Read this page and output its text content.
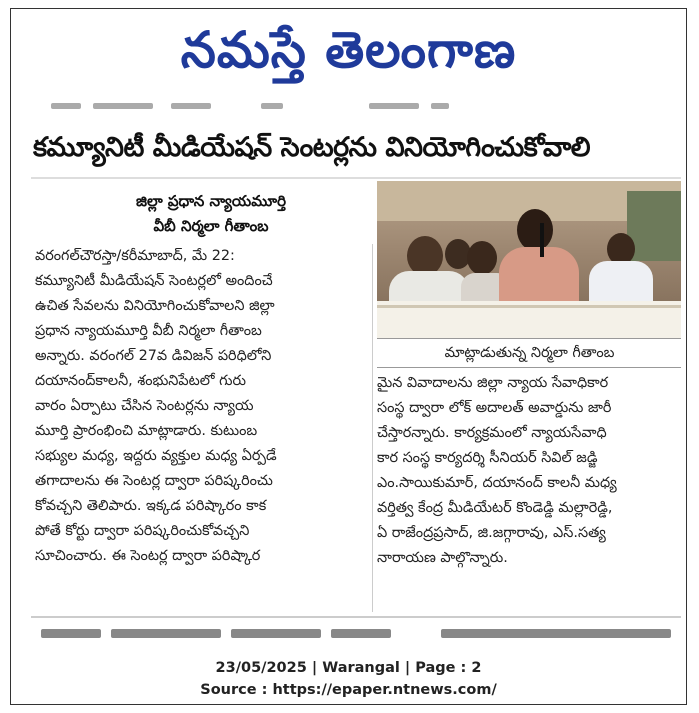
నమస్తే తెలంగాణ
కమ్యూనిటీ మీడియేషన్ సెంటర్లను వినియోగించుకోవాలి
జిల్లా ప్రధాన న్యాయమూర్తి
వీబీ నిర్మలా గీతాంబ

వరంగల్‌చౌరస్తా/కరీమాబాద్, మే 22:

కమ్యూనిటీ మీడియేషన్ సెంటర్లలో అందించే

ఉచిత సేవలను వినియోగించుకోవాలని జిల్లా

ప్రధాన న్యాయమూర్తి వీబీ నిర్మలా గీతాంబ

అన్నారు. వరంగల్ 27వ డివిజన్ పరిధిలోని

దయానంద్‌కాలనీ, శంభునిపేటలో గురు

వారం ఏర్పాటు చేసిన సెంటర్లను న్యాయ

మూర్తి ప్రారంభించి మాట్లాడారు. కుటుంబ

సభ్యుల మధ్య, ఇద్దరు వ్యక్తుల మధ్య ఏర్పడే

తగాదాలను ఈ సెంటర్ల ద్వారా పరిష్కరించు

కోవచ్చని తెలిపారు. ఇక్కడ పరిష్కారం కాక

పోతే కోర్టు ద్వారా పరిష్కరించుకోవచ్చని

సూచించారు. ఈ సెంటర్ల ద్వారా పరిష్కార

మాట్లాడుతున్న నిర్మలా గీతాంబ

మైన వివాదాలను జిల్లా న్యాయ సేవాధికార

సంస్థ ద్వారా లోక్ అదాలత్ అవార్డును జారీ

చేస్తారన్నారు. కార్యక్రమంలో న్యాయసేవాధి

కార సంస్థ కార్యదర్శి సీనియర్ సివిల్ జడ్జి

ఎం.సాయికుమార్, దయానంద్ కాలనీ మధ్య

వర్తిత్వ కేంద్ర మీడియేటర్ కొండెడ్డి మల్లారెడ్డి,

ఏ రాజేంద్రప్రసాద్, జి.జగ్గారావు, ఎస్.సత్య

నారాయణ పాల్గొన్నారు.

23/05/2025 | Warangal | Page : 2
Source : https://epaper.ntnews.com/
